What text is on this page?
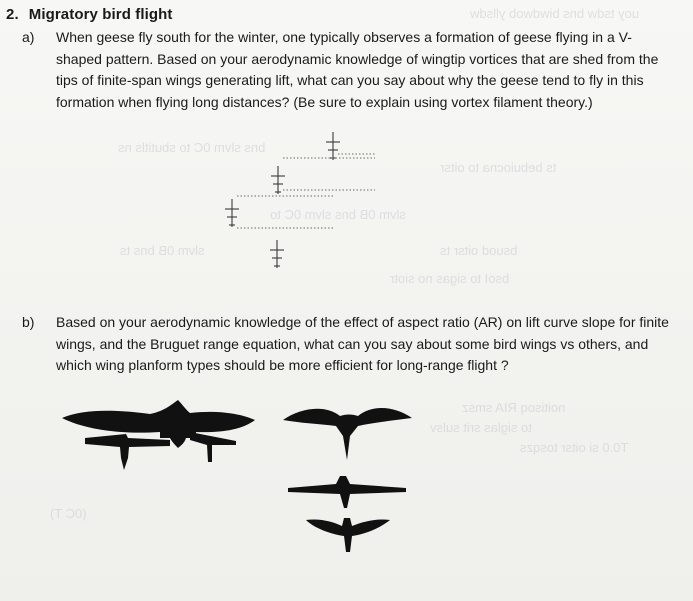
uoy tsdw bns biwdwob yllsdw
bns slvm 0C to sbutitls ns
ts bebuiocna to oitsr
slvm 0B bns slvm 0C to
slvm 0B bns ts	bsuod oitsr ts
bsoI to sigas no siotr
noitisoq RIA smsz
to siglas srit sulsv
T0.0 si oitsr tosqzs
(0C T)
2. Migratory bird flight
a)	When geese fly south for the winter, one typically observes a formation of geese flying in a V-shaped pattern. Based on your aerodynamic knowledge of wingtip vortices that are shed from the tips of finite-span wings generating lift, what can you say about why the geese tend to fly in this formation when flying long distances? (Be sure to explain using vortex filament theory.)
b)	Based on your aerodynamic knowledge of the effect of aspect ratio (AR) on lift curve slope for finite wings, and the Bruguet range equation, what can you say about some bird wings vs others, and which wing planform types should be more efficient for long-range flight ?
